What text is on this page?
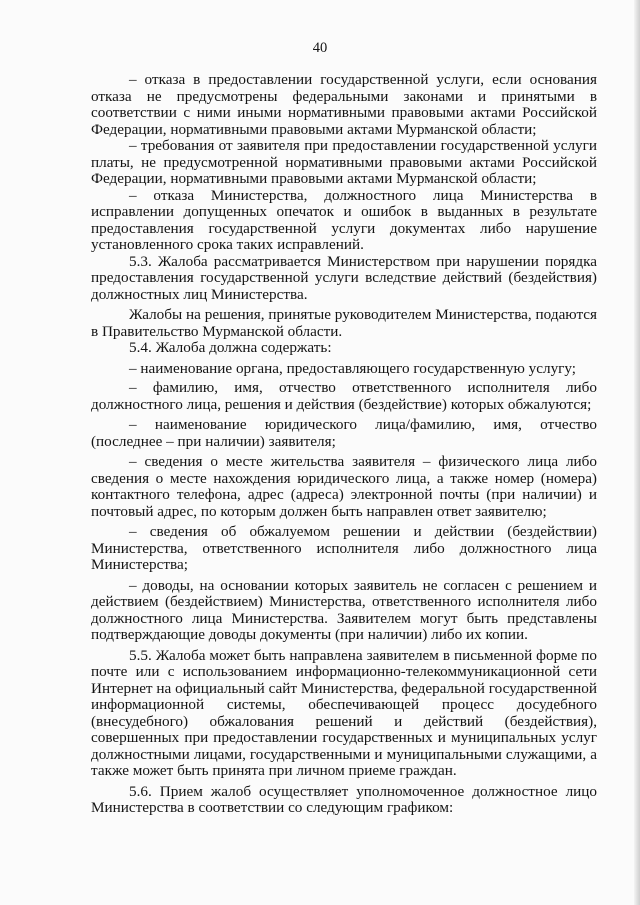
40

– отказа в предоставлении государственной услуги, если основания отказа не предусмотрены федеральными законами и принятыми в соответствии с ними иными нормативными правовыми актами Российской Федерации, нормативными правовыми актами Мурманской области;

– требования от заявителя при предоставлении государственной услуги платы, не предусмотренной нормативными правовыми актами Российской Федерации, нормативными правовыми актами Мурманской области;

– отказа Министерства, должностного лица Министерства в исправлении допущенных опечаток и ошибок в выданных в результате предоставления государственной услуги документах либо нарушение установленного срока таких исправлений.

5.3. Жалоба рассматривается Министерством при нарушении порядка предоставления государственной услуги вследствие действий (бездействия) должностных лиц Министерства.

Жалобы на решения, принятые руководителем Министерства, подаются в Правительство Мурманской области.

5.4. Жалоба должна содержать:

– наименование органа, предоставляющего государственную услугу;

– фамилию, имя, отчество ответственного исполнителя либо должностного лица, решения и действия (бездействие) которых обжалуются;

– наименование юридического лица/фамилию, имя, отчество (последнее – при наличии) заявителя;

– сведения о месте жительства заявителя – физического лица либо сведения о месте нахождения юридического лица, а также номер (номера) контактного телефона, адрес (адреса) электронной почты (при наличии) и почтовый адрес, по которым должен быть направлен ответ заявителю;

– сведения об обжалуемом решении и действии (бездействии) Министерства, ответственного исполнителя либо должностного лица Министерства;

– доводы, на основании которых заявитель не согласен с решением и действием (бездействием) Министерства, ответственного исполнителя либо должностного лица Министерства. Заявителем могут быть представлены подтверждающие доводы документы (при наличии) либо их копии.

5.5. Жалоба может быть направлена заявителем в письменной форме по почте или с использованием информационно-телекоммуникационной сети Интернет на официальный сайт Министерства, федеральной государственной информационной системы, обеспечивающей процесс досудебного (внесудебного) обжалования решений и действий (бездействия), совершенных при предоставлении государственных и муниципальных услуг должностными лицами, государственными и муниципальными служащими, а также может быть принята при личном приеме граждан.

5.6. Прием жалоб осуществляет уполномоченное должностное лицо Министерства в соответствии со следующим графиком:
